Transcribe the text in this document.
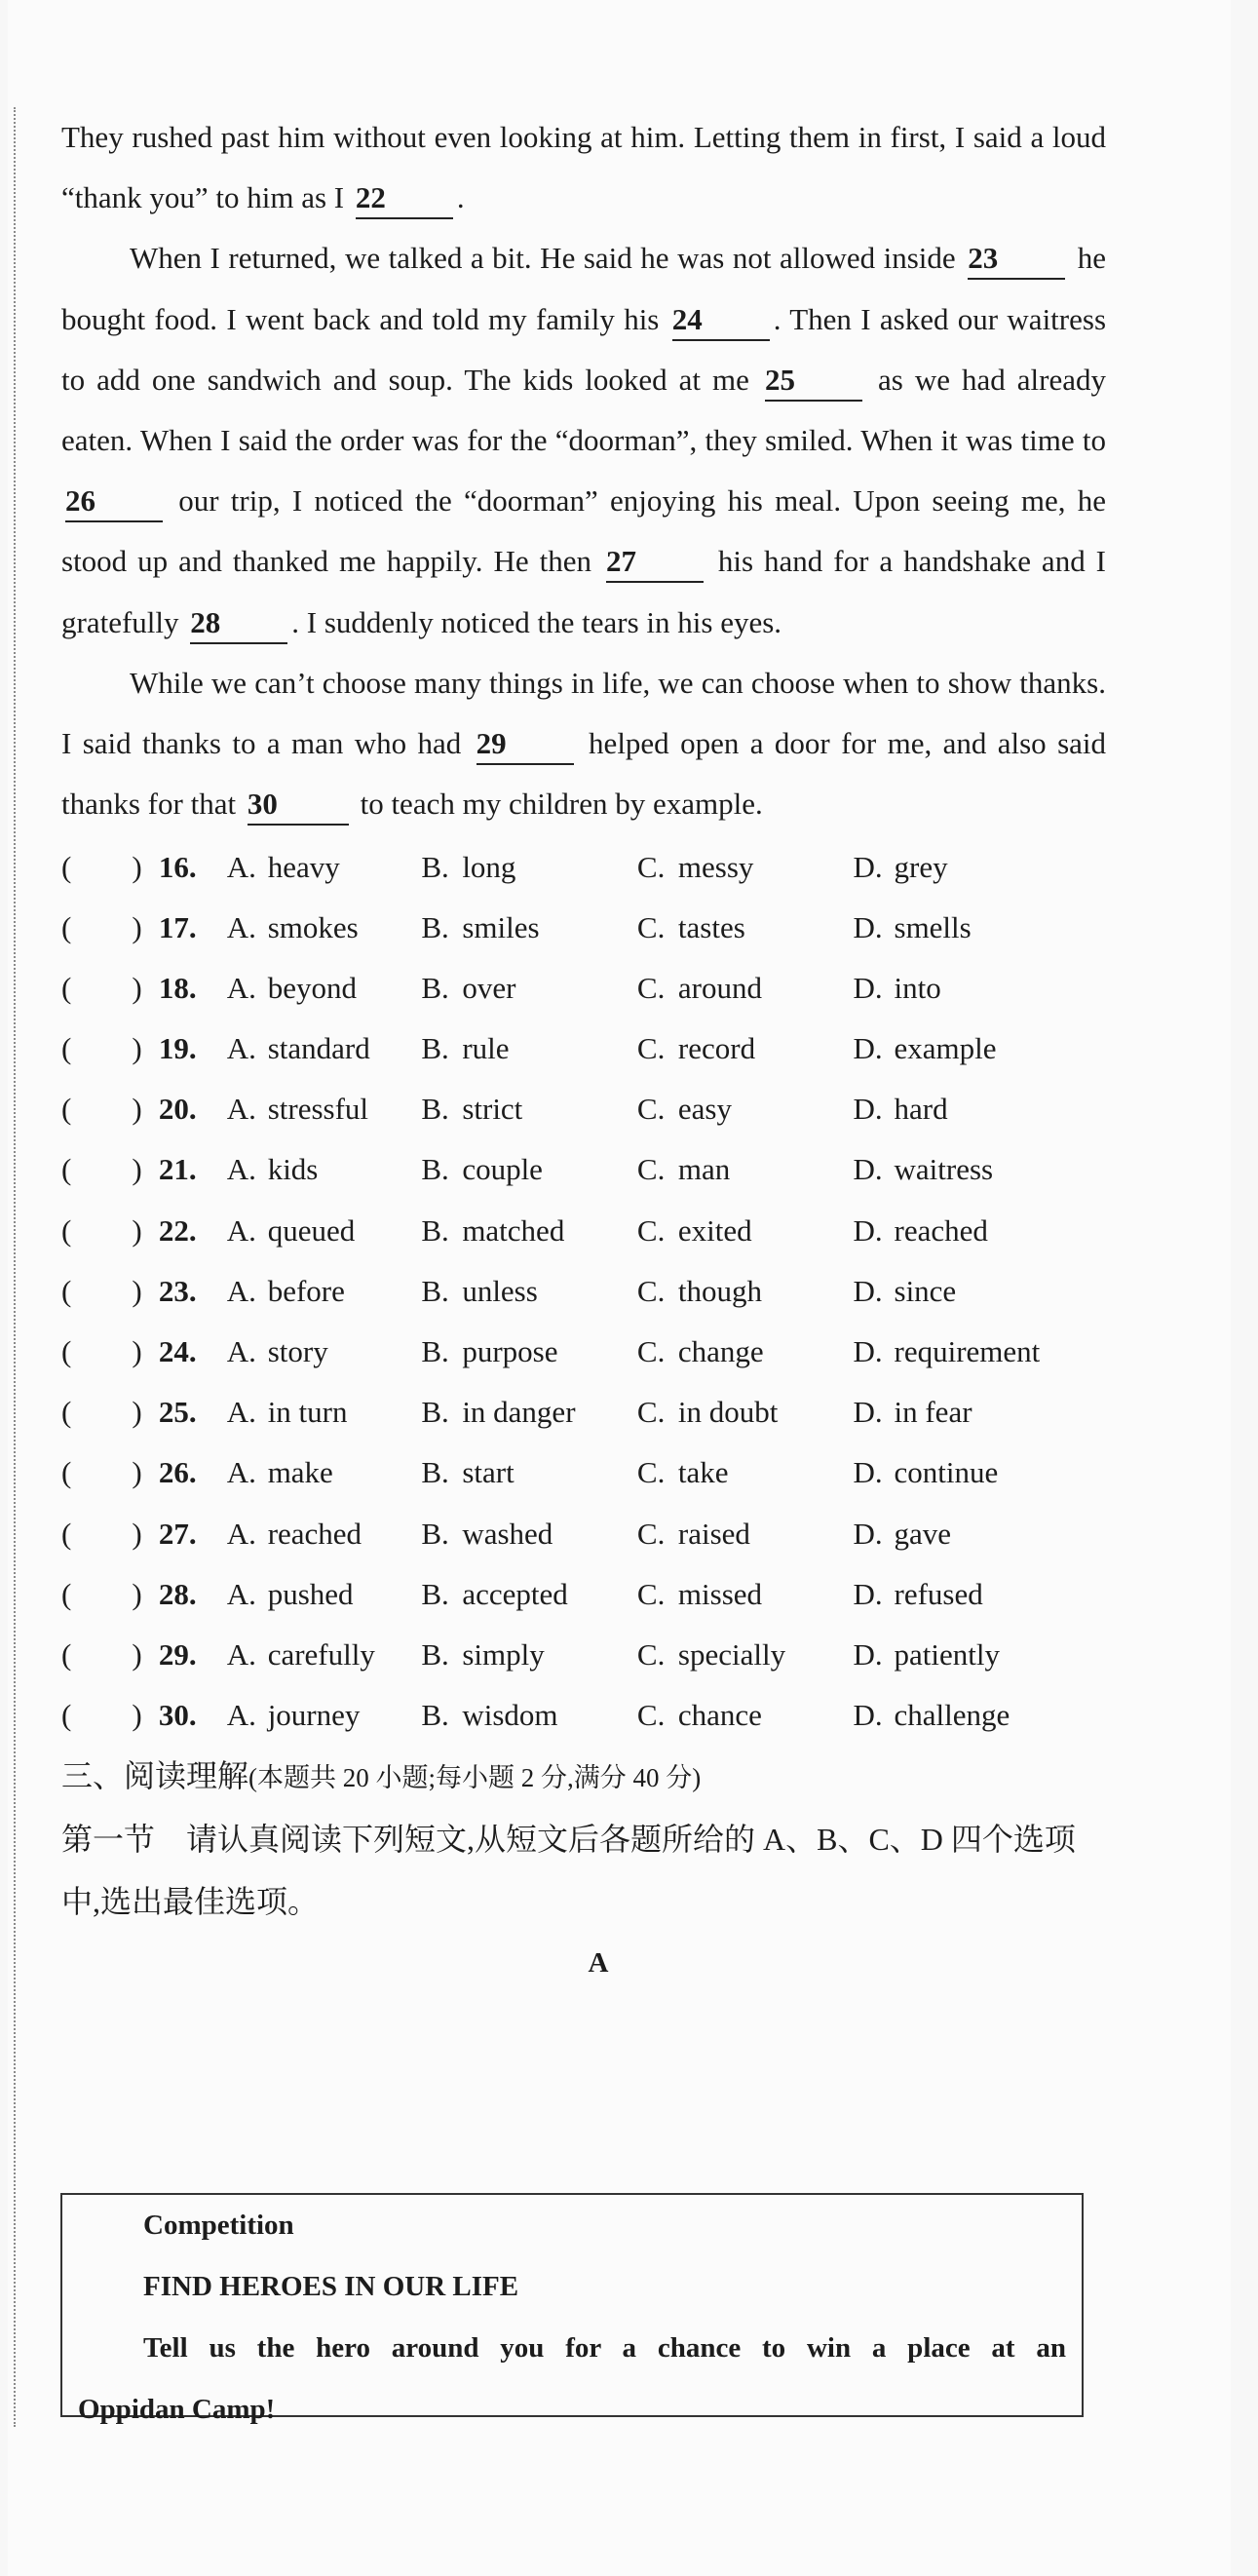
They rushed past him without even looking at him. Letting them in first, I said a loud “thank you” to him as I 22 .

When I returned, we talked a bit. He said he was not allowed inside 23 he bought food. I went back and told my family his 24 . Then I asked our waitress to add one sandwich and soup. The kids looked at me 25 as we had already eaten. When I said the order was for the “doorman”, they smiled. When it was time to 26 our trip, I noticed the “doorman” enjoying his meal. Upon seeing me, he stood up and thanked me happily. He then 27 his hand for a handshake and I gratefully 28 . I suddenly noticed the tears in his eyes.

While we can’t choose many things in life, we can choose when to show thanks. I said thanks to a man who had 29 helped open a door for me, and also said thanks for that 30 to teach my children by example.

(  ) 16.	A. heavy	B. long	C. messy	D. grey
(  ) 17.	A. smokes	B. smiles	C. tastes	D. smells
(  ) 18.	A. beyond	B. over	C. around	D. into
(  ) 19.	A. standard	B. rule	C. record	D. example
(  ) 20.	A. stressful	B. strict	C. easy	D. hard
(  ) 21.	A. kids	B. couple	C. man	D. waitress
(  ) 22.	A. queued	B. matched	C. exited	D. reached
(  ) 23.	A. before	B. unless	C. though	D. since
(  ) 24.	A. story	B. purpose	C. change	D. requirement
(  ) 25.	A. in turn	B. in danger	C. in doubt	D. in fear
(  ) 26.	A. make	B. start	C. take	D. continue
(  ) 27.	A. reached	B. washed	C. raised	D. gave
(  ) 28.	A. pushed	B. accepted	C. missed	D. refused
(  ) 29.	A. carefully	B. simply	C. specially	D. patiently
(  ) 30.	A. journey	B. wisdom	C. chance	D. challenge
三、阅读理解(本题共 20 小题;每小题 2 分,满分 40 分)

第一节　请认真阅读下列短文,从短文后各题所给的 A、B、C、D 四个选项中,选出最佳选项。

A

Competition

FIND HEROES IN OUR LIFE

Tell us the hero around you for a chance to win a place at an

Oppidan Camp!
